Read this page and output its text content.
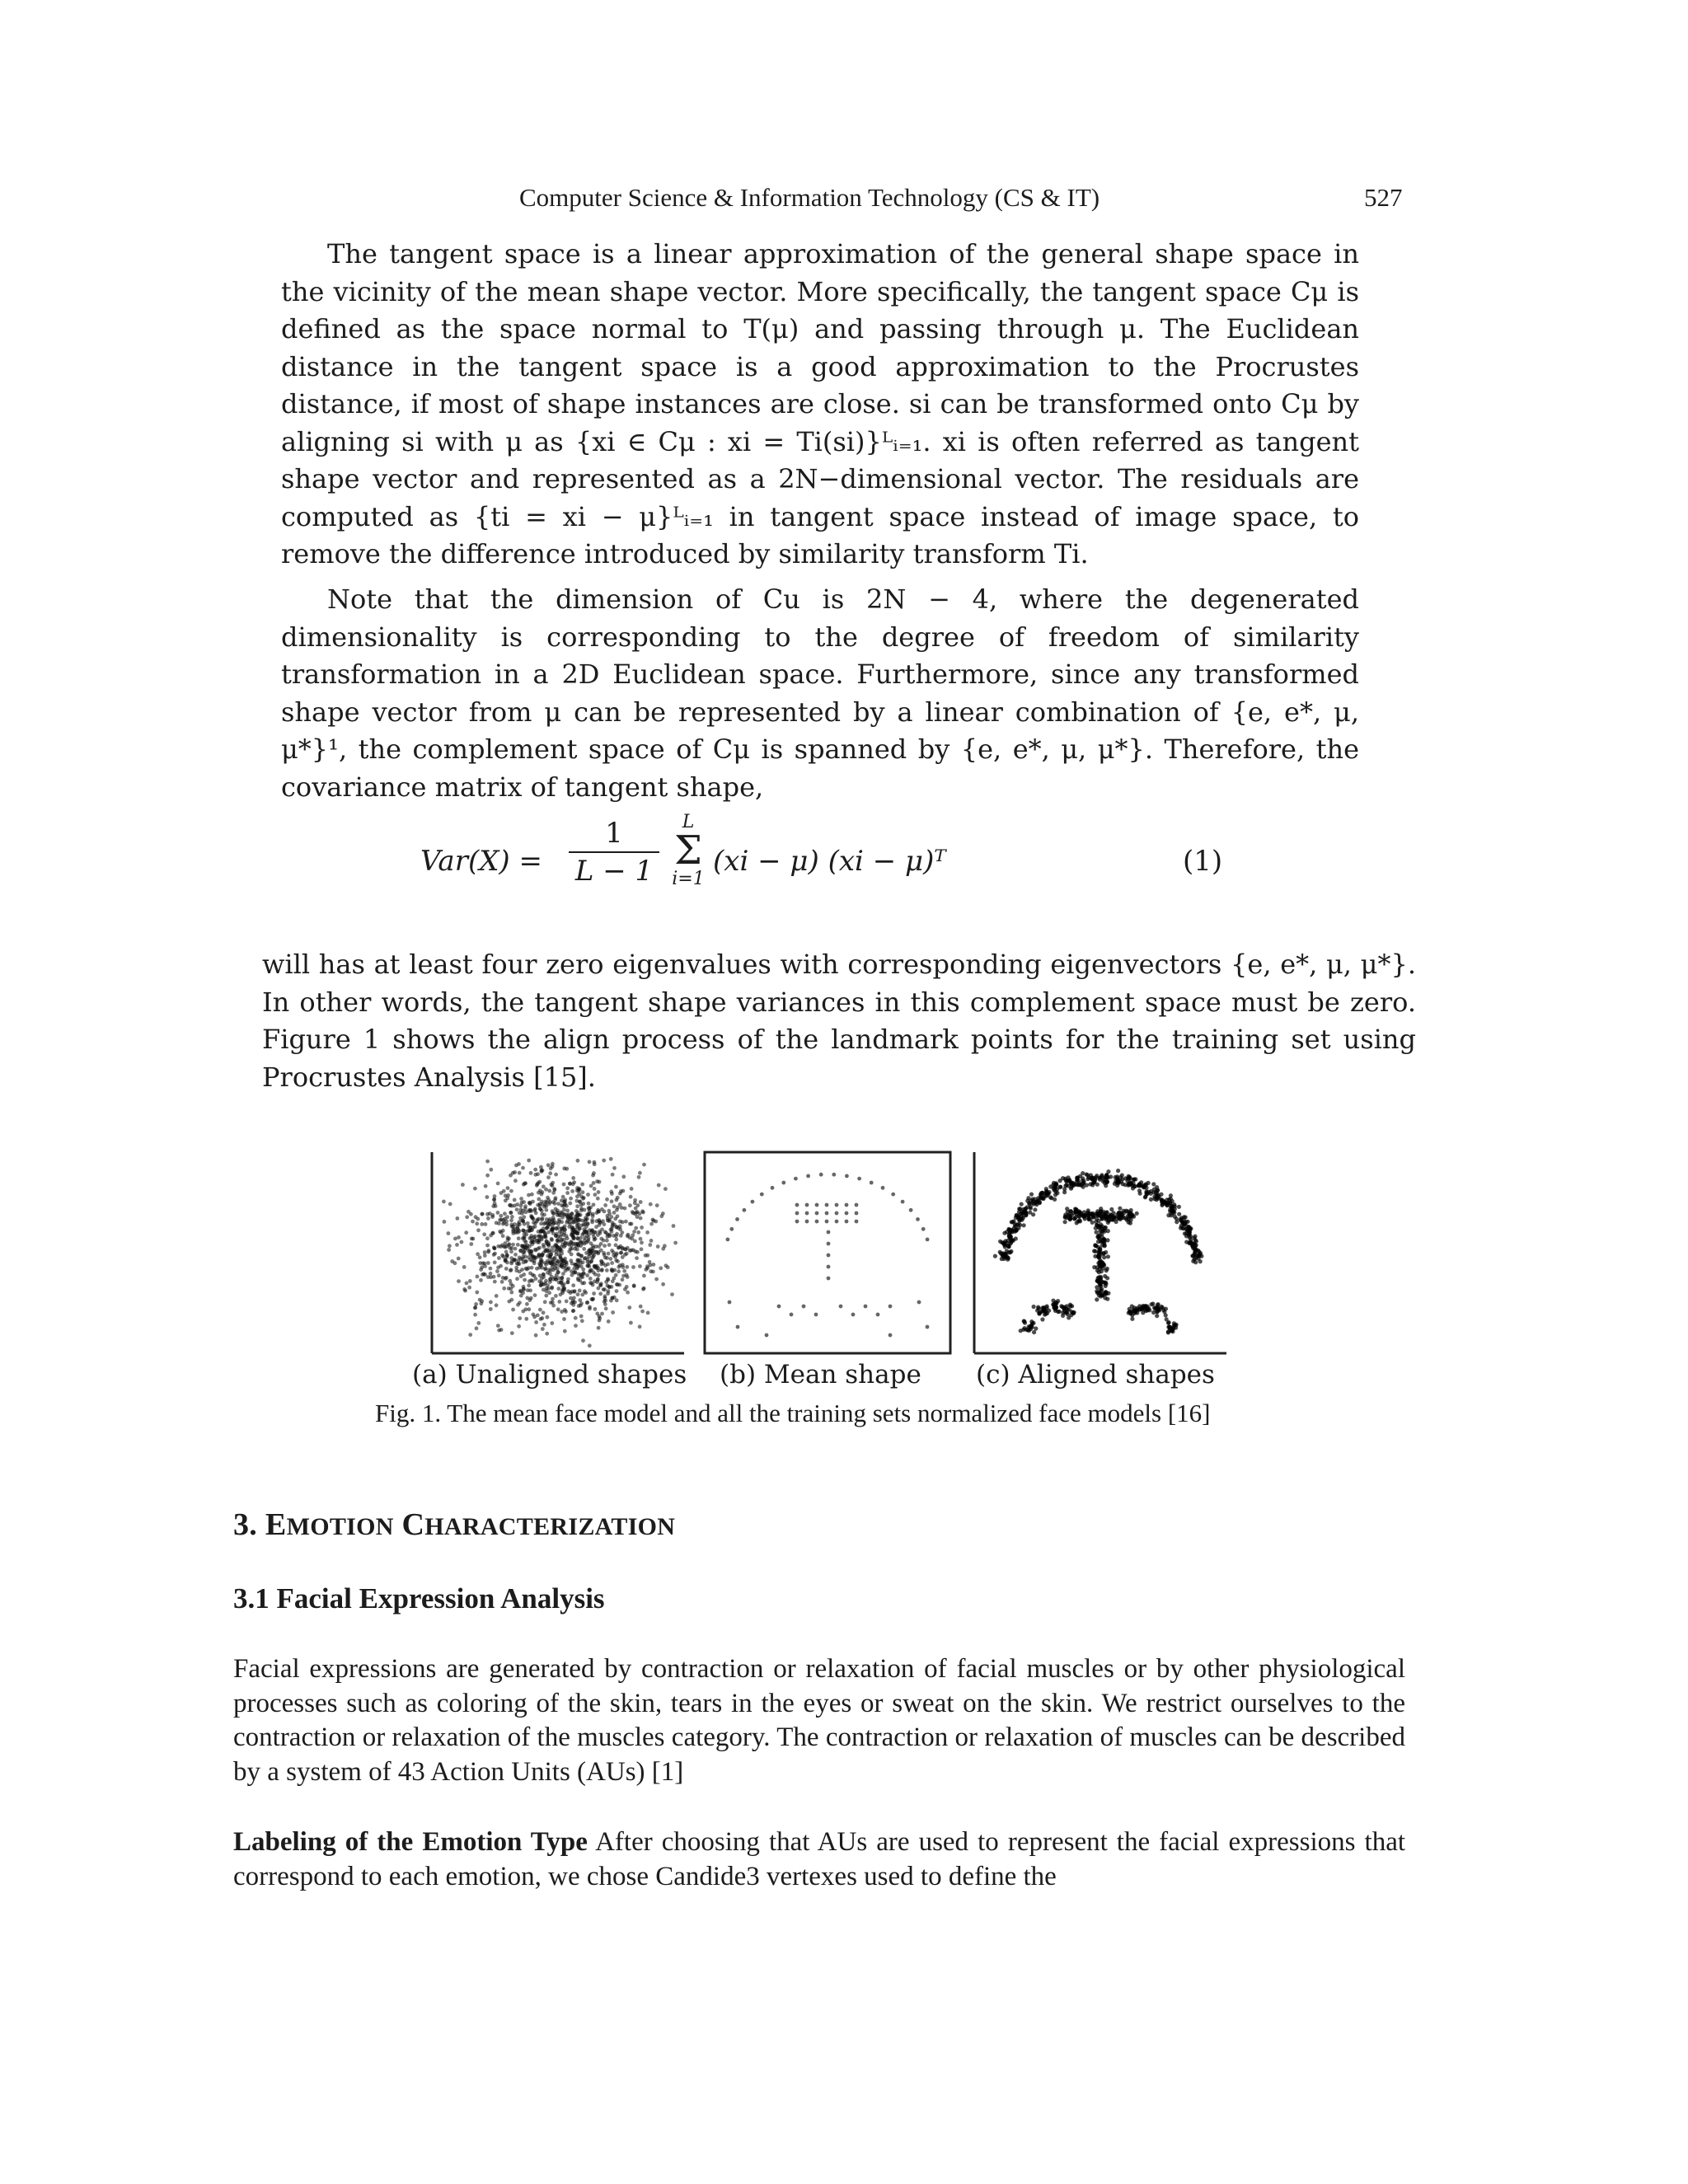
Computer Science & Information Technology (CS & IT)	527

The tangent space is a linear approximation of the general shape space in the vicinity of the mean shape vector. More specifically, the tangent space Cμ is defined as the space normal to T(μ) and passing through μ. The Euclidean distance in the tangent space is a good approximation to the Procrustes distance, if most of shape instances are close. si can be transformed onto Cμ by aligning si with μ as {xi ∈ Cμ : xi = Ti(si)}ᴸᵢ₌₁. xi is often referred as tangent shape vector and represented as a 2N−dimensional vector. The residuals are computed as {ti = xi − μ}ᴸᵢ₌₁ in tangent space instead of image space, to remove the difference introduced by similarity transform Ti.

Note that the dimension of Cu is 2N − 4, where the degenerated dimensionality is corresponding to the degree of freedom of similarity transformation in a 2D Euclidean space. Furthermore, since any transformed shape vector from μ can be represented by a linear combination of {e, e*, μ, μ*}¹, the complement space of Cμ is spanned by {e, e*, μ, μ*}. Therefore, the covariance matrix of tangent shape,

Var(X) =
1
L − 1
L
Σ
i=1
(xi − μ) (xi − μ)ᵀ	(1)

will has at least four zero eigenvalues with corresponding eigenvectors {e, e*, μ, μ*}. In other words, the tangent shape variances in this complement space must be zero. Figure 1 shows the align process of the landmark points for the training set using Procrustes Analysis [15].

(a) Unaligned shapes (b) Mean shape (c) Aligned shapes
Fig. 1. The mean face model and all the training sets normalized face models [16]
3. EMOTION CHARACTERIZATION
3.1 Facial Expression Analysis

Facial expressions are generated by contraction or relaxation of facial muscles or by other physiological processes such as coloring of the skin, tears in the eyes or sweat on the skin. We restrict ourselves to the contraction or relaxation of the muscles category. The contraction or relaxation of muscles can be described by a system of 43 Action Units (AUs) [1]

Labeling of the Emotion Type After choosing that AUs are used to represent the facial expressions that correspond to each emotion, we chose Candide3 vertexes used to define the
